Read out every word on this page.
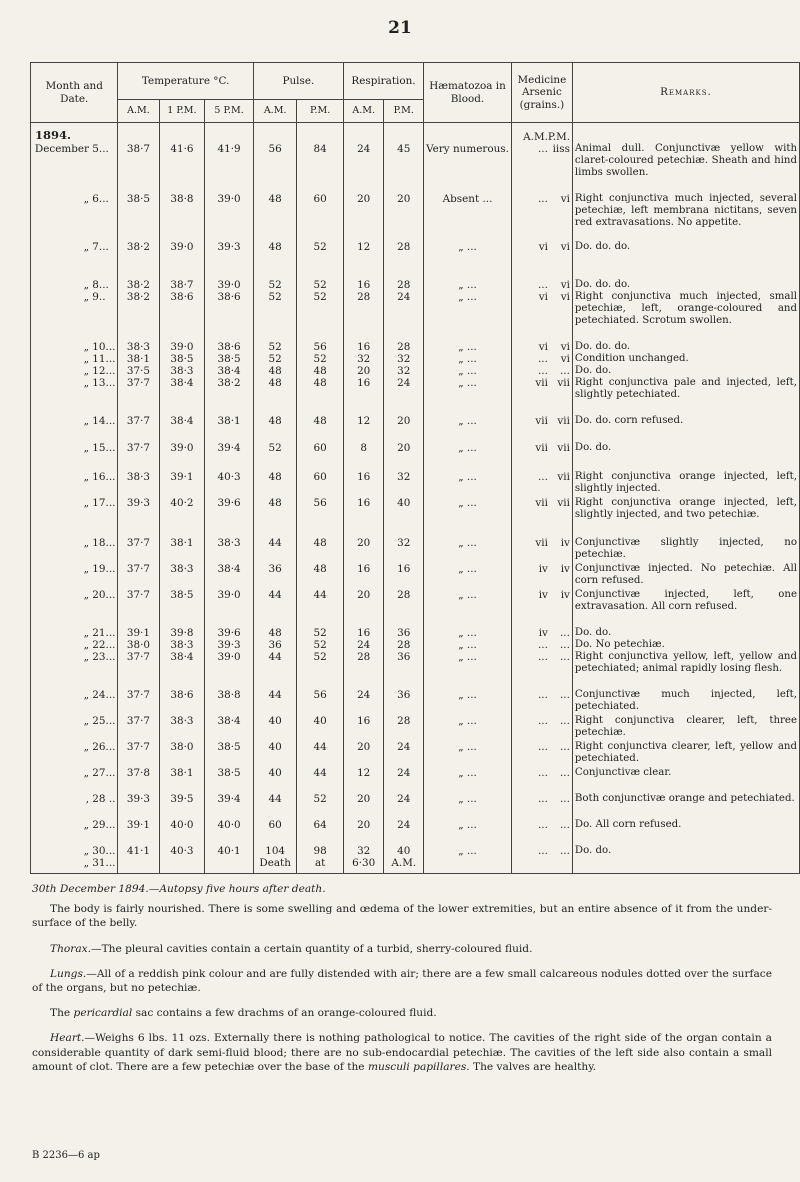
21
Month and Date.	Temperature °C.			Pulse.		Respiration.		Hæmatozoa in Blood.	Medicine Arsenic (grains.)	Remarks.
	A.M.	1 P.M.	5 P.M.	A.M.	P.M.	A.M.	P.M.			
1894.									A.M.P.M.	
December 5...	38·7	41·6	41·9	56	84	24	45	Very numerous.	... iiss	Animal dull. Conjunctivæ yellow with claret-coloured petechiæ. Sheath and hind limbs swollen.
„ 6...	38·5	38·8	39·0	48	60	20	20	Absent ...	... vi	Right conjunctiva much injected, several petechiæ, left membrana nictitans, seven red extravasations. No appetite.
„ 7...	38·2	39·0	39·3	48	52	12	28	„ ...	vi vi	Do. do. do.
„ 8...	38·2	38·7	39·0	52	52	16	28	„ ...	... vi	Do. do. do.
„ 9..	38·2	38·6	38·6	52	52	28	24	„ ...	vi vi	Right conjunctiva much injected, small petechiæ, left, orange-coloured and petechiated. Scrotum swollen.
„ 10...	38·3	39·0	38·6	52	56	16	28	„ ...	vi vi	Do. do. do.
„ 11...	38·1	38·5	38·5	52	52	32	32	„ ...	... vi	Condition unchanged.
„ 12...	37·5	38·3	38·4	48	48	20	32	„ ...	... ...	Do. do.
„ 13...	37·7	38·4	38·2	48	48	16	24	„ ...	vii vii	Right conjunctiva pale and injected, left, slightly petechiated.
„ 14...	37·7	38·4	38·1	48	48	12	20	„ ...	vii vii	Do. do. corn refused.
„ 15...	37·7	39·0	39·4	52	60	8	20	„ ...	vii vii	Do. do.
„ 16...	38·3	39·1	40·3	48	60	16	32	„ ...	... vii	Right conjunctiva orange injected, left, slightly injected.
„ 17...	39·3	40·2	39·6	48	56	16	40	„ ...	vii vii	Right conjunctiva orange injected, left, slightly injected, and two petechiæ.
„ 18...	37·7	38·1	38·3	44	48	20	32	„ ...	vii iv	Conjunctivæ slightly injected, no petechiæ.
„ 19...	37·7	38·3	38·4	36	48	16	16	„ ...	iv iv	Conjunctivæ injected. No petechiæ. All corn refused.
„ 20...	37·7	38·5	39·0	44	44	20	28	„ ...	iv iv	Conjunctivæ injected, left, one extravasation. All corn refused.
„ 21...	39·1	39·8	39·6	48	52	16	36	„ ...	iv ...	Do. do.
„ 22...	38·0	38·3	39·3	36	52	24	28	„ ...	... ...	Do. No petechiæ.
„ 23...	37·7	38·4	39·0	44	52	28	36	„ ...	... ...	Right conjunctiva yellow, left, yellow and petechiated; animal rapidly losing flesh.
„ 24...	37·7	38·6	38·8	44	56	24	36	„ ...	... ...	Conjunctivæ much injected, left, petechiated.
„ 25...	37·7	38·3	38·4	40	40	16	28	„ ...	... ...	Right conjunctiva clearer, left, three petechiæ.
„ 26...	37·7	38·0	38·5	40	44	20	24	„ ...	... ...	Right conjunctiva clearer, left, yellow and petechiated.
„ 27...	37·8	38·1	38·5	40	44	12	24	„ ...	... ...	Conjunctivæ clear.
, 28 ..	39·3	39·5	39·4	44	52	20	24	„ ...	... ...	Both conjunctivæ orange and petechiated.
„ 29...	39·1	40·0	40·0	60	64	20	24	„ ...	... ...	Do. All corn refused.
„ 30...	41·1	40·3	40·1	104	98	32	40	„ ...	... ...	Do. do.
„ 31...				Death	at	6·30	A.M.			

30th December 1894.—Autopsy five hours after death.

The body is fairly nourished. There is some swelling and œdema of the lower extremities, but an entire absence of it from the under-surface of the belly.

Thorax.—The pleural cavities contain a certain quantity of a turbid, sherry-coloured fluid.

Lungs.—All of a reddish pink colour and are fully distended with air; there are a few small calcareous nodules dotted over the surface of the organs, but no petechiæ.

The pericardial sac contains a few drachms of an orange-coloured fluid.

Heart.—Weighs 6 lbs. 11 ozs. Externally there is nothing pathological to notice. The cavities of the right side of the organ contain a considerable quantity of dark semi-fluid blood; there are no sub-endocardial petechiæ. The cavities of the left side also contain a small amount of clot. There are a few petechiæ over the base of the musculi papillares. The valves are healthy.

B 2236—6 ap
